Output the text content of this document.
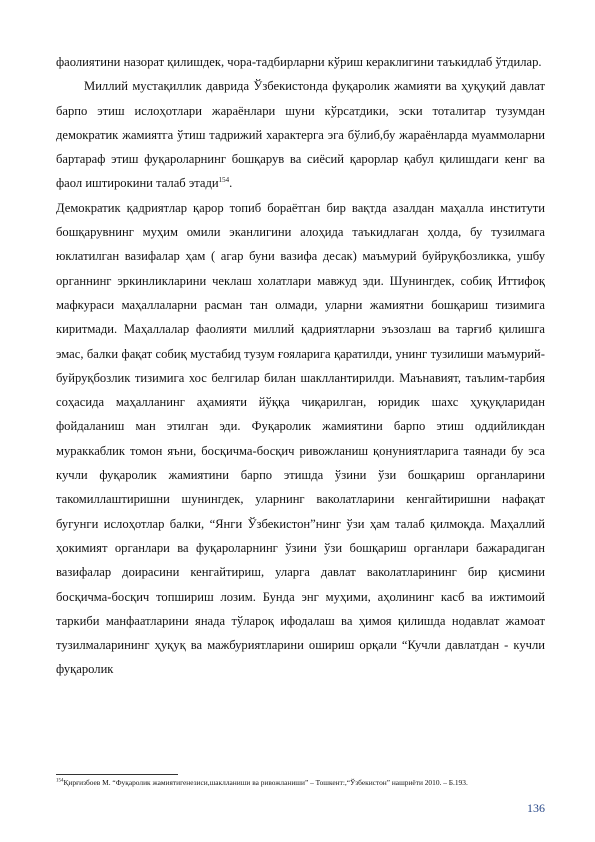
фаолиятини назорат қилишдек, чора-тадбирларни кўриш кераклигини таъкидлаб ўтдилар.

Миллий мустақиллик даврида Ўзбекистонда фуқаролик жамияти ва ҳуқуқий давлат барпо этиш ислоҳотлари жараёнлари шуни кўрсатдики, эски тоталитар тузумдан демократик жамиятга ўтиш тадрижий характерга эга бўлиб,бу жараёнларда муаммоларни бартараф этиш фуқароларнинг бошқарув ва сиёсий қарорлар қабул қилишдаги кенг ва фаол иштирокини талаб этади$^{154}$.

Демократик қадриятлар қарор топиб бораётган бир вақтда азалдан маҳалла институти бошқарувнинг муҳим омили эканлигини алоҳида таъкидлаган ҳолда, бу тузилмага юклатилган вазифалар ҳам ( агар буни вазифа десак) маъмурий буйруқбозликка, ушбу органнинг эркинликларини чеклаш холатлари мавжуд эди. Шунингдек, собиқ Иттифоқ мафкураси маҳаллаларни расман тан олмади, уларни жамиятни бошқариш тизимига киритмади. Маҳаллалар фаолияти миллий қадриятларни эъзозлаш ва тарғиб қилишга эмас, балки фақат собиқ мустабид тузум ғояларига қаратилди, унинг тузилиши маъмурий-буйруқбозлик тизимига хос белгилар билан шакллантирилди. Маънавият, таълим-тарбия соҳасида маҳалланинг аҳамияти йўққа чиқарилган, юридик шахс ҳуқуқларидан фойдаланиш ман этилган эди. Фуқаролик жамиятини барпо этиш оддийликдан мураккаблик томон яъни, босқичма-босқич ривожланиш қонуниятларига таянади бу эса кучли фуқаролик жамиятини барпо этишда ўзини ўзи бошқариш органларини такомиллаштиришни шунингдек, уларнинг ваколатларини кенгайтиришни нафақат бугунги ислоҳотлар балки, “Янги Ўзбекистон”нинг ўзи ҳам талаб қилмоқда. Маҳаллий ҳокимият органлари ва фуқароларнинг ўзини ўзи бошқариш органлари бажарадиган вазифалар доирасини кенгайтириш, уларга давлат ваколатларининг бир қисмини босқичма-босқич топшириш лозим. Бунда энг муҳими, аҳолининг касб ва ижтимоий таркиби манфаатларини янада тўлароқ ифодалаш ва ҳимоя қилишда нодавлат жамоат тузилмаларининг ҳуқуқ ва мажбуриятларини ошириш орқали “Кучли давлатдан - кучли фуқаролик

$^{154}$Қирғизбоев М. “Фуқаролик жамиятигенезиси,шаклланиши ва ривожланиши” – Тошкент:,“Ўзбекистон” нашриёти 2010. – Б.193.

136
